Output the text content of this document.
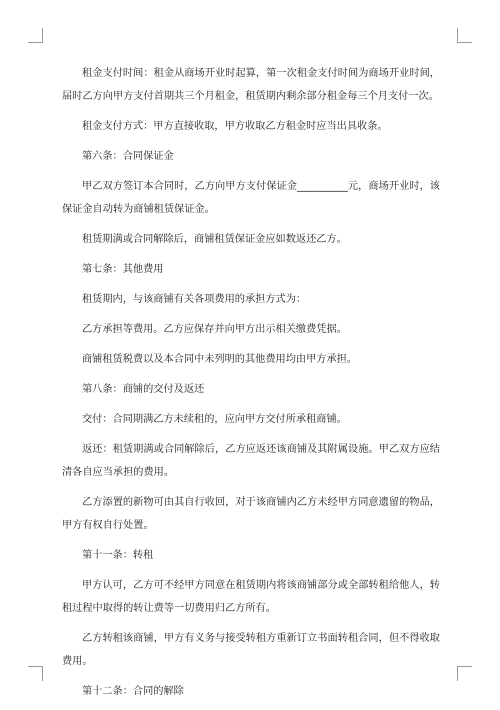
租金支付时间：租金从商场开业时起算，第一次租金支付时间为商场开业时间，届时乙方向甲方支付首期共三个月租金，租赁期内剩余部分租金每三个月支付一次。

租金支付方式：甲方直接收取，甲方收取乙方租金时应当出具收条。

第六条：合同保证金

甲乙双方签订本合同时，乙方向甲方支付保证金__________元，商场开业时，该保证金自动转为商铺租赁保证金。

租赁期满或合同解除后，商铺租赁保证金应如数返还乙方。

第七条：其他费用

租赁期内，与该商铺有关各项费用的承担方式为：

乙方承担等费用。乙方应保存并向甲方出示相关缴费凭据。

商铺租赁税费以及本合同中未列明的其他费用均由甲方承担。

第八条：商铺的交付及返还

交付：合同期满乙方未续租的，应向甲方交付所承租商铺。

返还：租赁期满或合同解除后，乙方应返还该商铺及其附属设施。甲乙双方应结清各自应当承担的费用。

乙方添置的新物可由其自行收回，对于该商铺内乙方未经甲方同意遗留的物品，甲方有权自行处置。

第十一条：转租

甲方认可，乙方可不经甲方同意在租赁期内将该商铺部分或全部转租给他人，转租过程中取得的转让费等一切费用归乙方所有。

乙方转租该商铺，甲方有义务与接受转租方重新订立书面转租合同，但不得收取费用。

第十二条：合同的解除
